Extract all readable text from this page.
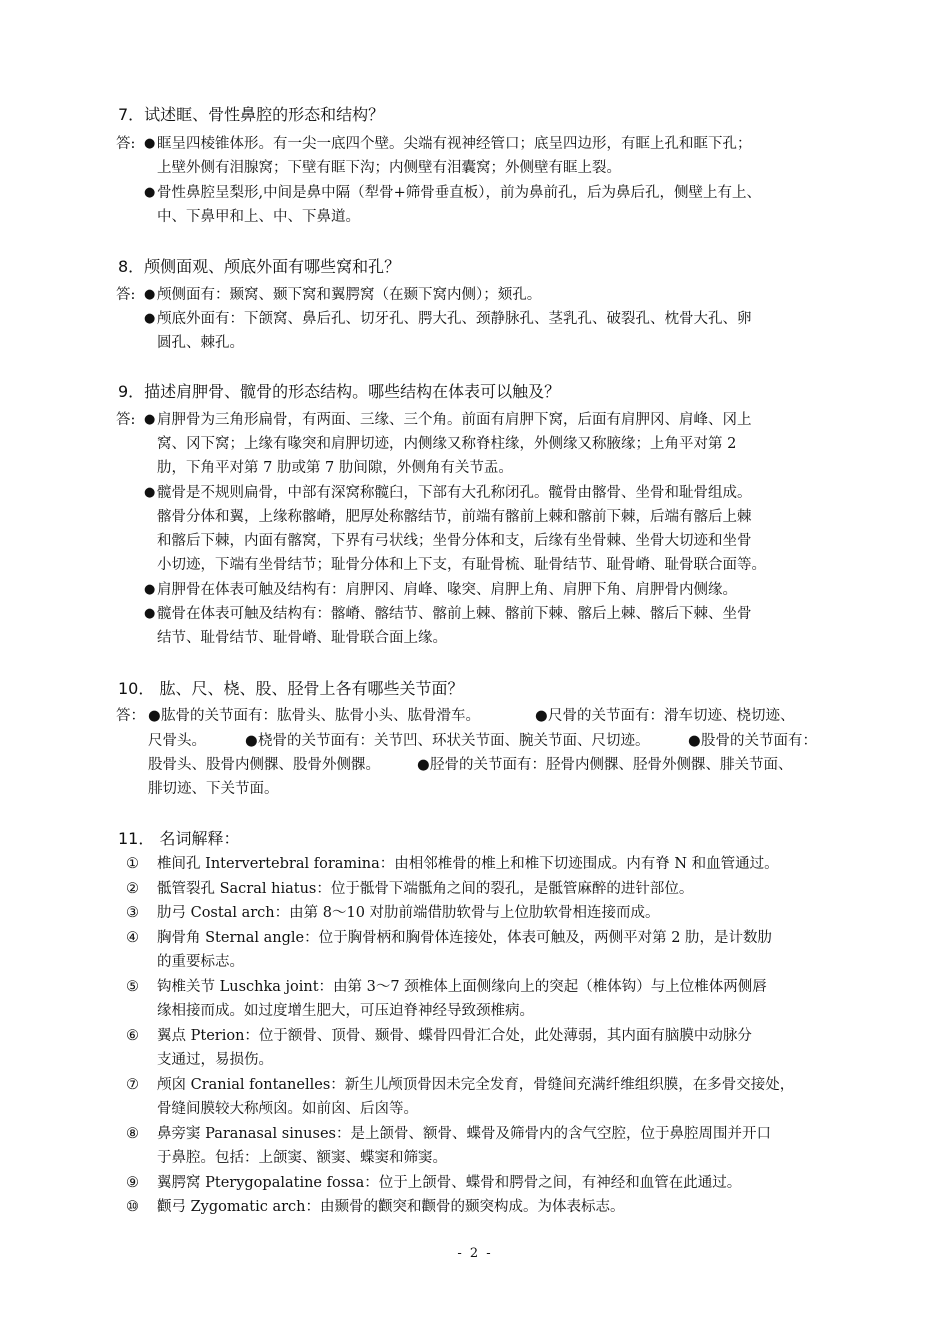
7．试述眶、骨性鼻腔的形态和结构？
答: ● 眶呈四棱锥体形。有一尖一底四个壁。尖端有视神经管口；底呈四边形，有眶上孔和眶下孔；
上壁外侧有泪腺窝；下壁有眶下沟；内侧壁有泪囊窝；外侧壁有眶上裂。
● 骨性鼻腔呈梨形,中间是鼻中隔（犁骨+筛骨垂直板），前为鼻前孔，后为鼻后孔，侧壁上有上、
中、下鼻甲和上、中、下鼻道。
8．颅侧面观、颅底外面有哪些窝和孔？
答: ● 颅侧面有：颞窝、颞下窝和翼腭窝（在颞下窝内侧）；颏孔。
● 颅底外面有：下颌窝、鼻后孔、切牙孔、腭大孔、颈静脉孔、茎乳孔、破裂孔、枕骨大孔、卵
圆孔、棘孔。
9．描述肩胛骨、髋骨的形态结构。哪些结构在体表可以触及？
答: ● 肩胛骨为三角形扁骨，有两面、三缘、三个角。前面有肩胛下窝，后面有肩胛冈、肩峰、冈上
窝、冈下窝；上缘有喙突和肩胛切迹，内侧缘又称脊柱缘，外侧缘又称腋缘；上角平对第 2
肋，下角平对第 7 肋或第 7 肋间隙，外侧角有关节盂。
● 髋骨是不规则扁骨，中部有深窝称髋臼，下部有大孔称闭孔。髋骨由髂骨、坐骨和耻骨组成。
髂骨分体和翼，上缘称髂嵴，肥厚处称髂结节，前端有髂前上棘和髂前下棘，后端有髂后上棘
和髂后下棘，内面有髂窝，下界有弓状线；坐骨分体和支，后缘有坐骨棘、坐骨大切迹和坐骨
小切迹，下端有坐骨结节；耻骨分体和上下支，有耻骨梳、耻骨结节、耻骨嵴、耻骨联合面等。
● 肩胛骨在体表可触及结构有：肩胛冈、肩峰、喙突、肩胛上角、肩胛下角、肩胛骨内侧缘。
● 髋骨在体表可触及结构有：髂嵴、髂结节、髂前上棘、髂前下棘、髂后上棘、髂后下棘、坐骨
结节、耻骨结节、耻骨嵴、耻骨联合面上缘。
10． 肱、尺、桡、股、胫骨上各有哪些关节面？
答： ● 肱骨的关节面有：肱骨头、肱骨小头、肱骨滑车。	● 尺骨的关节面有：滑车切迹、桡切迹、
尺骨头。	● 桡骨的关节面有：关节凹、环状关节面、腕关节面、尺切迹。	● 股骨的关节面有：
股骨头、股骨内侧髁、股骨外侧髁。	● 胫骨的关节面有：胫骨内侧髁、胫骨外侧髁、腓关节面、
腓切迹、下关节面。
11． 名词解释：
① 椎间孔 Intervertebral foramina：由相邻椎骨的椎上和椎下切迹围成。内有脊 N 和血管通过。
② 骶管裂孔 Sacral hiatus：位于骶骨下端骶角之间的裂孔，是骶管麻醉的进针部位。
③ 肋弓 Costal arch：由第 8～10 对肋前端借肋软骨与上位肋软骨相连接而成。
④ 胸骨角 Sternal angle：位于胸骨柄和胸骨体连接处，体表可触及，两侧平对第 2 肋，是计数肋
的重要标志。
⑤ 钩椎关节 Luschka joint：由第 3～7 颈椎体上面侧缘向上的突起（椎体钩）与上位椎体两侧唇
缘相接而成。如过度增生肥大，可压迫脊神经导致颈椎病。
⑥ 翼点 Pterion：位于额骨、顶骨、颞骨、蝶骨四骨汇合处，此处薄弱，其内面有脑膜中动脉分
支通过，易损伤。
⑦ 颅囟 Cranial fontanelles：新生儿颅顶骨因未完全发育，骨缝间充满纤维组织膜，在多骨交接处，
骨缝间膜较大称颅囟。如前囟、后囟等。
⑧ 鼻旁窦 Paranasal sinuses：是上颌骨、额骨、蝶骨及筛骨内的含气空腔，位于鼻腔周围并开口
于鼻腔。包括：上颌窦、额窦、蝶窦和筛窦。
⑨ 翼腭窝 Pterygopalatine fossa：位于上颌骨、蝶骨和腭骨之间，有神经和血管在此通过。
⑩ 颧弓 Zygomatic arch：由颞骨的颧突和颧骨的颞突构成。为体表标志。
- 2 -
